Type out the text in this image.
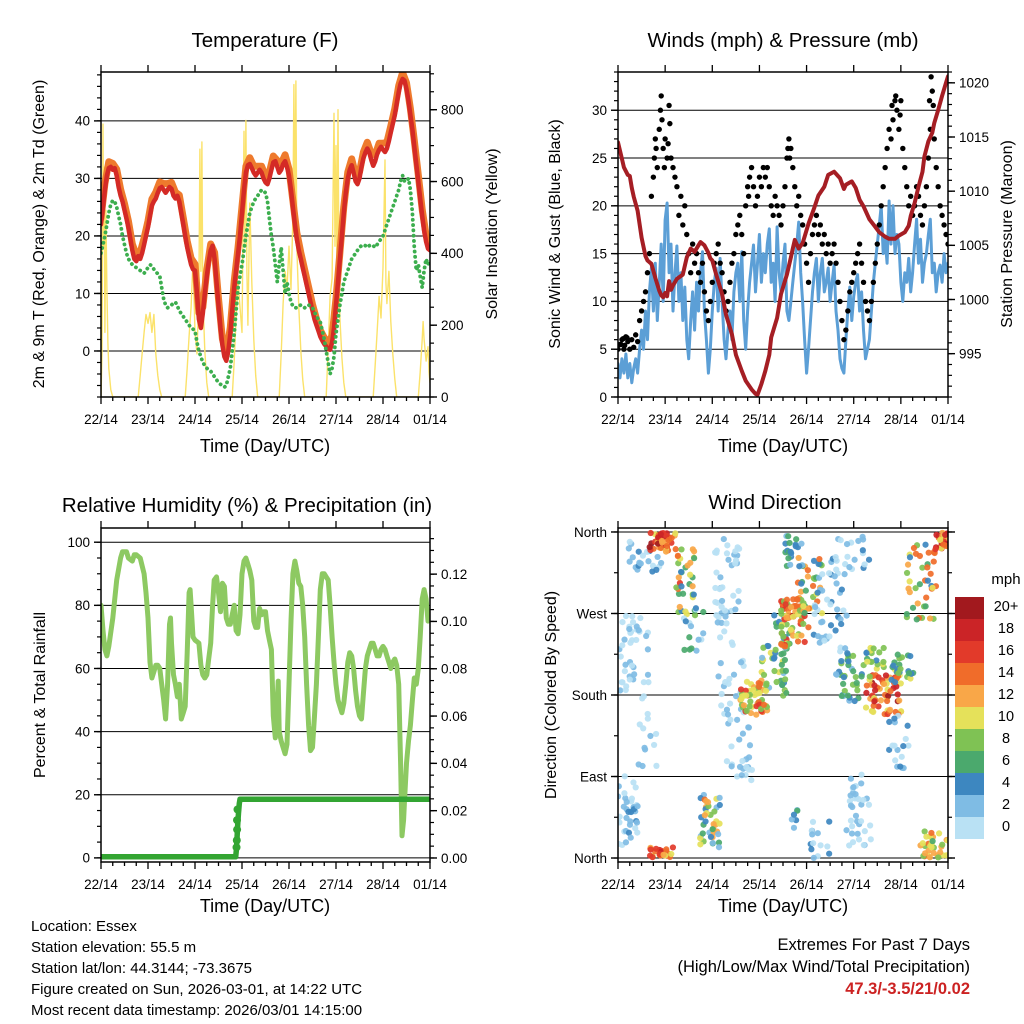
22/14 23/14 24/14 25/14 26/14 27/14 28/14 01/14
0
10
20
30
40
0
200
400
600
800
22/14 23/14 24/14 25/14 26/14 27/14 28/14 01/14
0
5
10
15
20
25
30
995
1000
1005
1010
1015
1020
22/14 23/14 24/14 25/14 26/14 27/14 28/14 01/14
0
20
40
60
80
100
0.00
0.02
0.04
0.06
0.08
0.10
0.12
22/14 23/14 24/14 25/14 26/14 27/14 28/14 01/14
North
East
South
West
North
Temperature (F)	Winds (mph) & Pressure (mb)
Relative Humidity (%) & Precipitation (in)	Wind Direction
Time (Day/UTC)	Time (Day/UTC)
Time (Day/UTC)	Time (Day/UTC)
2m & 9m T (Red, Orange) & 2m Td (Green)	Solar Insolation (Yellow)	Sonic Wind & Gust (Blue, Black)	Station Pressure (Maroon)
Percent & Total Rainfall	Direction (Colored By Speed)
mph
20+
18
16
14
12
10
8
6
4
2
0
Location: Essex
Station elevation: 55.5 m
Station lat/lon: 44.3144; -73.3675
Figure created on Sun, 2026-03-01, at 14:22 UTC
Most recent data timestamp: 2026/03/01 14:15:00
Extremes For Past 7 Days
(High/Low/Max Wind/Total Precipitation)
47.3/-3.5/21/0.02
